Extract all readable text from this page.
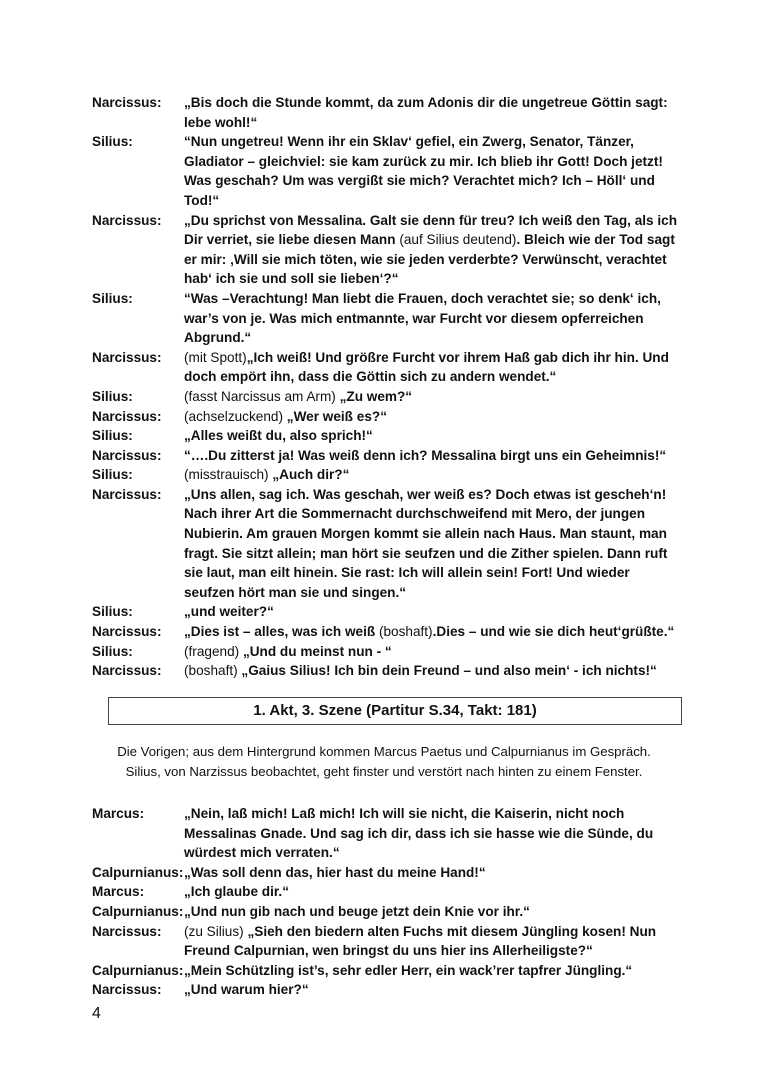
Narcissus:	„Bis doch die Stunde kommt, da zum Adonis dir die ungetreue Göttin sagt: lebe wohl!“
Silius:	“Nun ungetreu! Wenn ihr ein Sklav‘ gefiel, ein Zwerg, Senator, Tänzer, Gladiator – gleichviel: sie kam zurück zu mir. Ich blieb ihr Gott! Doch jetzt! Was geschah? Um was vergißt sie mich? Verachtet mich? Ich – Höll‘ und Tod!“
Narcissus:	„Du sprichst von Messalina. Galt sie denn für treu? Ich weiß den Tag, als ich Dir verriet, sie liebe diesen Mann (auf Silius deutend). Bleich wie der Tod sagt er mir: ‚Will sie mich töten, wie sie jeden verderbte? Verwünscht, verachtet hab‘ ich sie und soll sie lieben‘?“
Silius:	“Was –Verachtung! Man liebt die Frauen, doch verachtet sie; so denk‘ ich, war’s von je. Was mich entmannte, war Furcht vor diesem opferreichen Abgrund.“
Narcissus:	(mit Spott)„Ich weiß! Und größre Furcht vor ihrem Haß gab dich ihr hin. Und doch empört ihn, dass die Göttin sich zu andern wendet.“
Silius:	(fasst Narcissus am Arm) „Zu wem?“
Narcissus:	(achselzuckend) „Wer weiß es?“
Silius:	„Alles weißt du, also sprich!“
Narcissus:	“….Du zitterst ja! Was weiß denn ich? Messalina birgt uns ein Geheimnis!“
Silius:	(misstrauisch) „Auch dir?“
Narcissus:	„Uns allen, sag ich. Was geschah, wer weiß es? Doch etwas ist gescheh‘n! Nach ihrer Art die Sommernacht durchschweifend mit Mero, der jungen Nubierin. Am grauen Morgen kommt sie allein nach Haus. Man staunt, man fragt. Sie sitzt allein; man hört sie seufzen und die Zither spielen. Dann ruft sie laut, man eilt hinein. Sie rast: Ich will allein sein! Fort! Und wieder seufzen hört man sie und singen.“
Silius:	„und weiter?“
Narcissus:	„Dies ist – alles, was ich weiß (boshaft).Dies – und wie sie dich heut‘grüßte.“
Silius:	(fragend) „Und du meinst nun - “
Narcissus:	(boshaft) „Gaius Silius! Ich bin dein Freund – und also mein‘ - ich nichts!“
1. Akt, 3. Szene (Partitur S.34, Takt: 181)
Die Vorigen; aus dem Hintergrund kommen Marcus Paetus und Calpurnianus im Gespräch.
Silius, von Narzissus beobachtet, geht finster und verstört nach hinten zu einem Fenster.
Marcus:	„Nein, laß mich! Laß mich! Ich will sie nicht, die Kaiserin, nicht noch Messalinas Gnade. Und sag ich dir, dass ich sie hasse wie die Sünde, du würdest mich verraten.“
Calpurnianus: „Was soll denn das, hier hast du meine Hand!“
Marcus:	„Ich glaube dir.“
Calpurnianus: „Und nun gib nach und beuge jetzt dein Knie vor ihr.“
Narcissus:	(zu Silius) „Sieh den biedern alten Fuchs mit diesem Jüngling kosen! Nun Freund Calpurnian, wen bringst du uns hier ins Allerheiligste?“
Calpurnianus: „Mein Schützling ist’s, sehr edler Herr, ein wack’rer tapfrer Jüngling.“
Narcissus:	„Und warum hier?“
4
